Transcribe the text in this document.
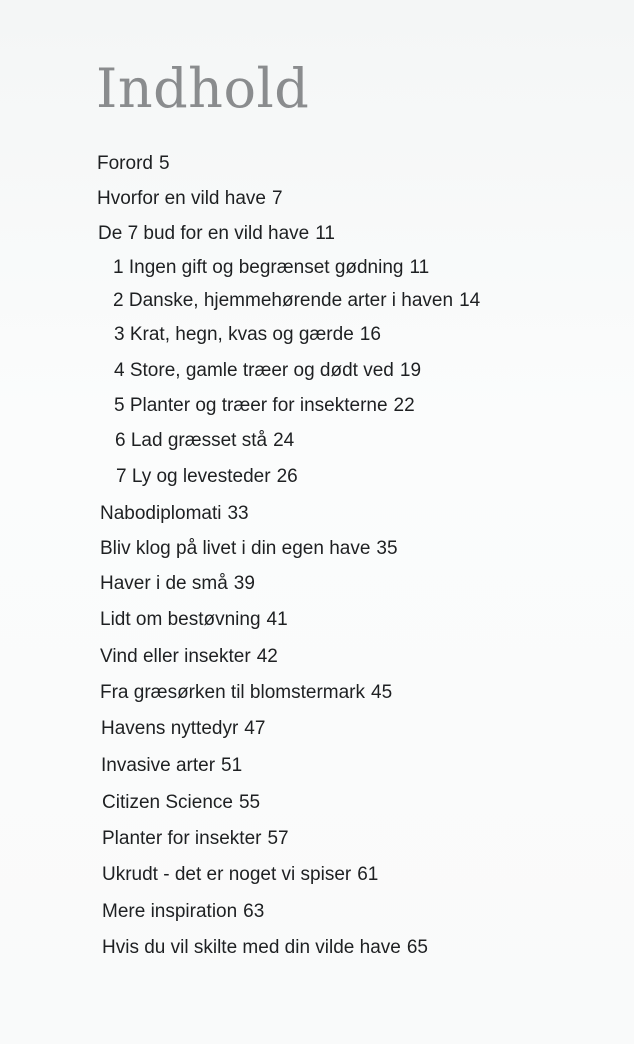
Indhold
Forord 5
Hvorfor en vild have 7
De 7 bud for en vild have 11
1 Ingen gift og begrænset gødning 11
2 Danske, hjemmehørende arter i haven 14
3 Krat, hegn, kvas og gærde 16
4 Store, gamle træer og dødt ved 19
5 Planter og træer for insekterne 22
6 Lad græsset stå 24
7 Ly og levesteder 26
Nabodiplomati 33
Bliv klog på livet i din egen have 35
Haver i de små 39
Lidt om bestøvning 41
Vind eller insekter 42
Fra græsørken til blomstermark 45
Havens nyttedyr 47
Invasive arter 51
Citizen Science 55
Planter for insekter 57
Ukrudt - det er noget vi spiser 61
Mere inspiration 63
Hvis du vil skilte med din vilde have 65
